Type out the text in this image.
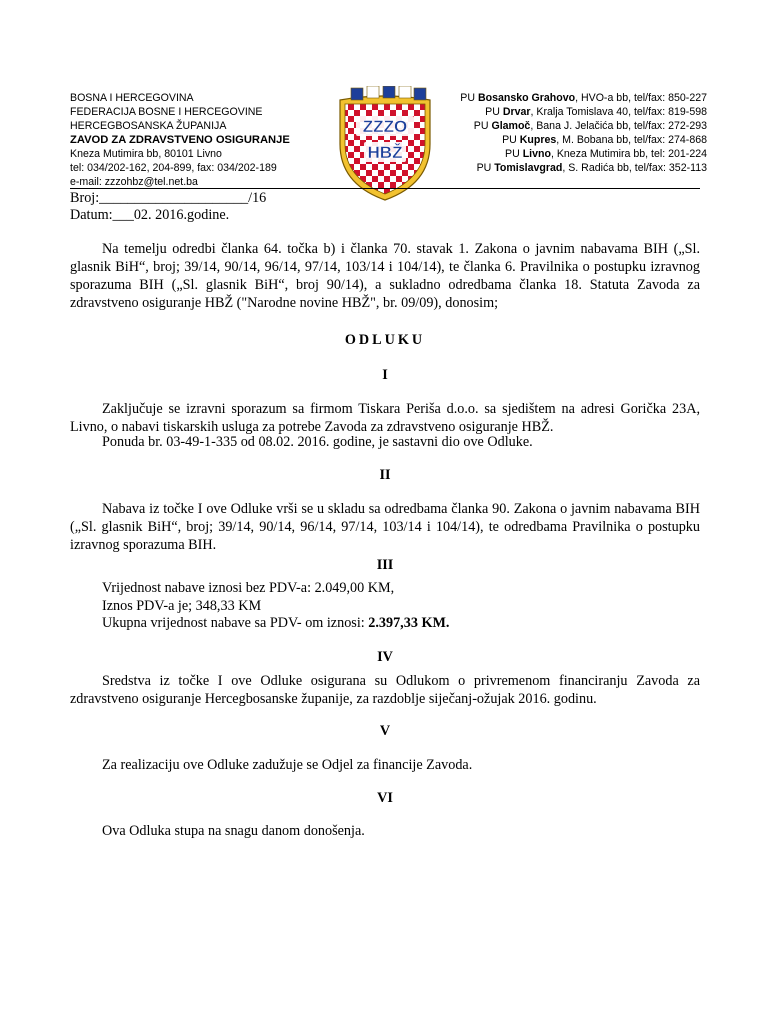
BOSNA I HERCEGOVINA
FEDERACIJA BOSNE I HERCEGOVINE
HERCEGBOSANSKA ŽUPANIJA
ZAVOD ZA ZDRAVSTVENO OSIGURANJE
Kneza Mutimira bb, 80101 Livno
tel: 034/202-162, 204-899, fax: 034/202-189
e-mail: zzzohbz@tel.net.ba
ZZZO
HBŽ
PU Bosansko Grahovo, HVO-a bb, tel/fax: 850-227
PU Drvar, Kralja Tomislava 40, tel/fax: 819-598
PU Glamoč, Bana J. Jelačića bb, tel/fax: 272-293
PU Kupres, M. Bobana bb, tel/fax: 274-868
PU Livno, Kneza Mutimira bb, tel: 201-224
PU Tomislavgrad, S. Radića bb, tel/fax: 352-113
Broj:_____________________/16
Datum:___02. 2016.godine.
Na temelju odredbi članka 64. točka b) i članka 70. stavak 1. Zakona o javnim nabavama BIH („Sl. glasnik BiH“, broj; 39/14, 90/14, 96/14, 97/14, 103/14 i 104/14), te članka 6. Pravilnika o postupku izravnog sporazuma BIH („Sl. glasnik BiH“, broj 90/14), a sukladno odredbama članka 18. Statuta Zavoda za zdravstveno osiguranje HBŽ ("Narodne novine HBŽ", br. 09/09), donosim;
ODLUKU
I
Zaključuje se izravni sporazum sa firmom Tiskara Periša d.o.o. sa sjedištem na adresi Gorička 23A, Livno, o nabavi tiskarskih usluga za potrebe Zavoda za zdravstveno osiguranje HBŽ.
Ponuda br. 03-49-1-335 od 08.02. 2016. godine, je sastavni dio ove Odluke.
II
Nabava iz točke I ove Odluke vrši se u skladu sa odredbama članka 90. Zakona o javnim nabavama BIH („Sl. glasnik BiH“, broj; 39/14, 90/14, 96/14, 97/14, 103/14 i 104/14), te odredbama Pravilnika o postupku izravnog sporazuma BIH.
III
Vrijednost nabave iznosi bez PDV-a: 2.049,00 KM,
Iznos PDV-a je; 348,33 KM
Ukupna vrijednost nabave sa PDV- om iznosi: 2.397,33 KM.
IV
Sredstva iz točke I ove Odluke osigurana su Odlukom o privremenom financiranju Zavoda za zdravstveno osiguranje Hercegbosanske županije, za razdoblje siječanj-ožujak 2016. godinu.
V
Za realizaciju ove Odluke zadužuje se Odjel za financije Zavoda.
VI
Ova Odluka stupa na snagu danom donošenja.
